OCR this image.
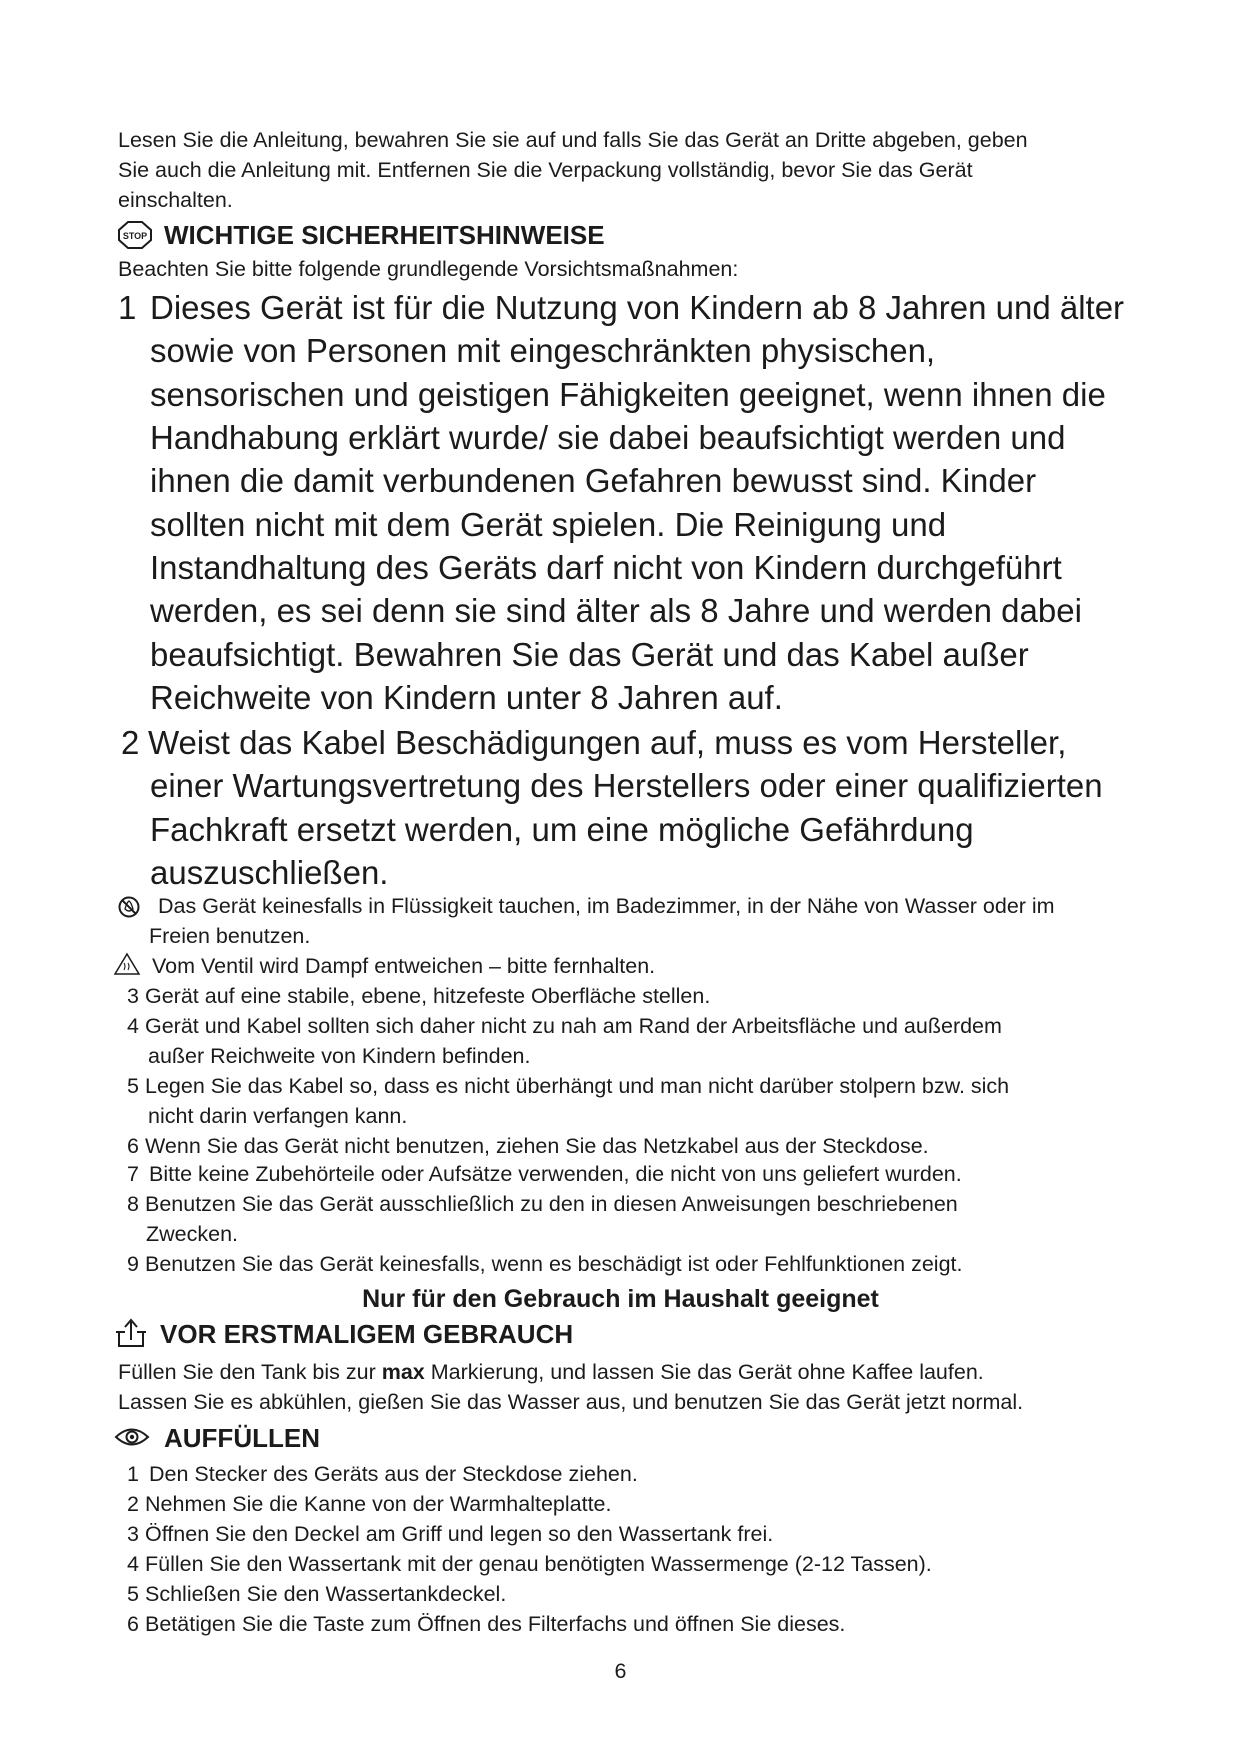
Lesen Sie die Anleitung, bewahren Sie sie auf und falls Sie das Gerät an Dritte abgeben, geben
Sie auch die Anleitung mit. Entfernen Sie die Verpackung vollständig, bevor Sie das Gerät
einschalten.
STOP WICHTIGE SICHERHEITSHINWEISE
Beachten Sie bitte folgende grundlegende Vorsichtsmaßnahmen:
1 Dieses Gerät ist für die Nutzung von Kindern ab 8 Jahren und älter
sowie von Personen mit eingeschränkten physischen,
sensorischen und geistigen Fähigkeiten geeignet, wenn ihnen die
Handhabung erklärt wurde/ sie dabei beaufsichtigt werden und
ihnen die damit verbundenen Gefahren bewusst sind. Kinder
sollten nicht mit dem Gerät spielen. Die Reinigung und
Instandhaltung des Geräts darf nicht von Kindern durchgeführt
werden, es sei denn sie sind älter als 8 Jahre und werden dabei
beaufsichtigt. Bewahren Sie das Gerät und das Kabel außer
Reichweite von Kindern unter 8 Jahren auf.
2 Weist das Kabel Beschädigungen auf, muss es vom Hersteller,
einer Wartungsvertretung des Herstellers oder einer qualifizierten
Fachkraft ersetzt werden, um eine mögliche Gefährdung
auszuschließen.
Das Gerät keinesfalls in Flüssigkeit tauchen, im Badezimmer, in der Nähe von Wasser oder im
Freien benutzen.
Vom Ventil wird Dampf entweichen – bitte fernhalten.
3 Gerät auf eine stabile, ebene, hitzefeste Oberfläche stellen.
4 Gerät und Kabel sollten sich daher nicht zu nah am Rand der Arbeitsfläche und außerdem
außer Reichweite von Kindern befinden.
5 Legen Sie das Kabel so, dass es nicht überhängt und man nicht darüber stolpern bzw. sich
nicht darin verfangen kann.
6 Wenn Sie das Gerät nicht benutzen, ziehen Sie das Netzkabel aus der Steckdose.
7 Bitte keine Zubehörteile oder Aufsätze verwenden, die nicht von uns geliefert wurden.
8 Benutzen Sie das Gerät ausschließlich zu den in diesen Anweisungen beschriebenen
Zwecken.
9 Benutzen Sie das Gerät keinesfalls, wenn es beschädigt ist oder Fehlfunktionen zeigt.
Nur für den Gebrauch im Haushalt geeignet
VOR ERSTMALIGEM GEBRAUCH
Füllen Sie den Tank bis zur max Markierung, und lassen Sie das Gerät ohne Kaffee laufen.
Lassen Sie es abkühlen, gießen Sie das Wasser aus, und benutzen Sie das Gerät jetzt normal.
AUFFÜLLEN
1 Den Stecker des Geräts aus der Steckdose ziehen.
2 Nehmen Sie die Kanne von der Warmhalteplatte.
3 Öffnen Sie den Deckel am Griff und legen so den Wassertank frei.
4 Füllen Sie den Wassertank mit der genau benötigten Wassermenge (2-12 Tassen).
5 Schließen Sie den Wassertankdeckel.
6 Betätigen Sie die Taste zum Öffnen des Filterfachs und öffnen Sie dieses.
6
